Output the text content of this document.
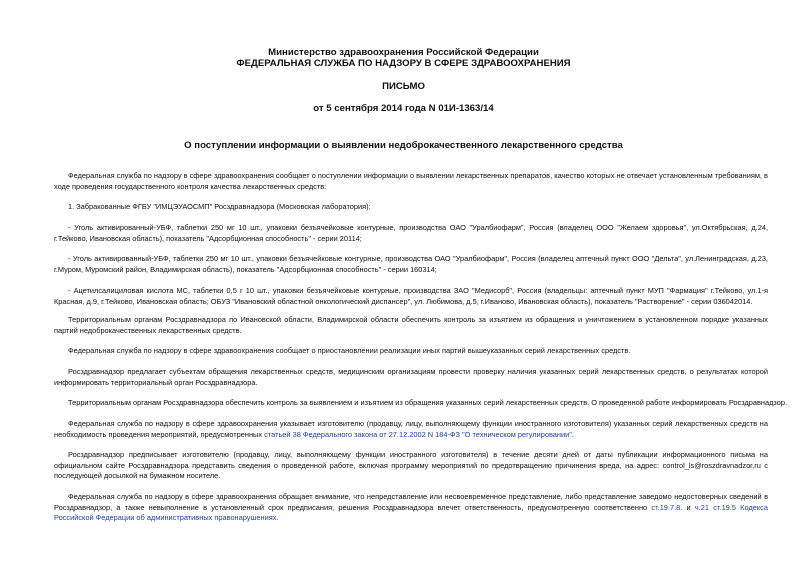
Министерство здравоохранения Российской Федерации
ФЕДЕРАЛЬНАЯ СЛУЖБА ПО НАДЗОРУ В СФЕРЕ ЗДРАВООХРАНЕНИЯ
ПИСЬМО
от 5 сентября 2014 года N 01И-1363/14
О поступлении информации о выявлении недоброкачественного лекарственного средства

Федеральная служба по надзору в сфере здравоохранения сообщает о поступлении информации о выявлении лекарственных препаратов, качество которых не отвечает установленным требованиям, в ходе проведения государственного контроля качества лекарственных средств:

1. Забракованные ФГБУ "ИМЦЭУАОСМП" Росздравнадзора (Московская лаборатория):

- Уголь активированный-УБФ, таблетки 250 мг 10 шт., упаковки безъячейковые контурные, производства ОАО "Уралбиофарм", Россия (владелец ООО "Желаем здоровья", ул.Октябрьская, д.24, г.Тейково, Ивановская область), показатель "Адсорбционная способность" - серии 20114;

- Уголь активированный-УБФ, таблетки 250 мг 10 шт., упаковки безъячейковые контурные, производства ОАО "Уралбиофарм", Россия (владелец аптечный пункт ООО "Дельта", ул.Ленинградская, д.23, г.Муром, Муромский район, Владимирская область), показатель "Адсорбционная способность" - серии 160314;

- Ацетилсалициловая кислота МС, таблетки 0,5 г 10 шт., упаковки безъячейковые контурные, производства ЗАО "Медисорб", Россия (владельцы: аптечный пункт МУП "Фармация" г.Тейково, ул.1-я Красная, д.9, г.Тейково, Ивановская область; ОБУЗ "Ивановский областной онкологический диспансер", ул. Любимова, д.5, г.Иваново, Ивановская область), показатель "Растворение" - серии 036042014.

Территориальным органам Росздравнадзора по Ивановской области, Владимирской области обеспечить контроль за изъятием из обращения и уничтожением в установленном порядке указанных партий недоброкачественных лекарственных средств.

Федеральная служба по надзору в сфере здравоохранения сообщает о приостановлении реализации иных партий вышеуказанных серий лекарственных средств.

Росздравнадзор предлагает субъектам обращения лекарственных средств, медицинским организациям провести проверку наличия указанных серий лекарственных средств, о результатах которой информировать территориальный орган Росздравнадзора.

Территориальным органам Росздравнадзора обеспечить контроль за выявлением и изъятием из обращения указанных серий лекарственных средств. О проведенной работе информировать Росздравнадзор.

Федеральная служба по надзору в сфере здравоохранения указывает изготовителю (продавцу, лицу, выполняющему функции иностранного изготовителя) указанных серий лекарственных средств на необходимость проведения мероприятий, предусмотренных статьей 38 Федерального закона от 27.12.2002 N 184-ФЗ "О техническом регулировании".

Росздравнадзор предписывает изготовителю (продавцу, лицу, выполняющему функции иностранного изготовителя) в течение десяти дней от даты публикации информационного письма на официальном сайте Росздравнадзора представить сведения о проведенной работе, включая программу мероприятий по предотвращению причинения вреда, на адрес: control_ls@roszdravnadzor.ru с последующей досылкой на бумажном носителе.

Федеральная служба по надзору в сфере здравоохранения обращает внимание, что непредставление или несвоевременное представление, либо представление заведомо недостоверных сведений в Росздравнадзор, а также невыполнение в установленный срок предписания, решения Росздравнадзора влечет ответственность, предусмотренную соответственно ст.19.7.8. и ч.21 ст.19.5 Кодекса Российской Федерации об административных правонарушениях.
